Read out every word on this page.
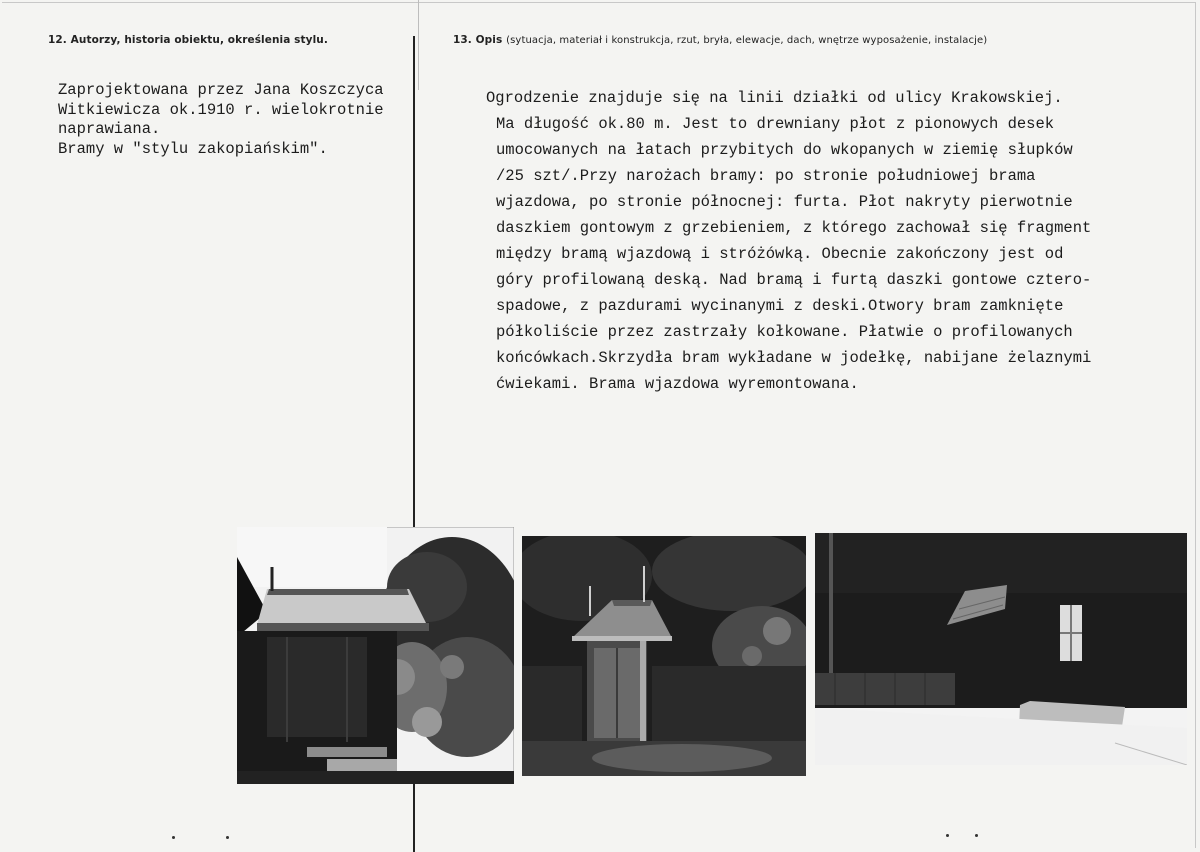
12. Autorzy, historia obiektu, określenia stylu.	13. Opis (sytuacja, materiał i konstrukcja, rzut, bryła, elewacje, dach, wnętrze wyposażenie, instalacje)
Zaprojektowana przez Jana Koszczyca
Witkiewicza ok.1910 r. wielokrotnie
naprawiana.
Bramy w "stylu zakopiańskim".
Ogrodzenie znajduje się na linii działki od ulicy Krakowskiej.
Ma długość ok.80 m. Jest to drewniany płot z pionowych desek
umocowanych na łatach przybitych do wkopanych w ziemię słupków
/25 szt/.Przy narożach bramy: po stronie południowej brama
wjazdowa, po stronie północnej: furta. Płot nakryty pierwotnie
daszkiem gontowym z grzebieniem, z którego zachował się fragment
między bramą wjazdową i stróżówką. Obecnie zakończony jest od
góry profilowaną deską. Nad bramą i furtą daszki gontowe cztero-
spadowe, z pazdurami wycinanymi z deski.Otwory bram zamknięte
półkoliście przez zastrzały kołkowane. Płatwie o profilowanych
końcówkach.Skrzydła bram wykładane w jodełkę, nabijane żelaznymi
ćwiekami. Brama wjazdowa wyremontowana.
